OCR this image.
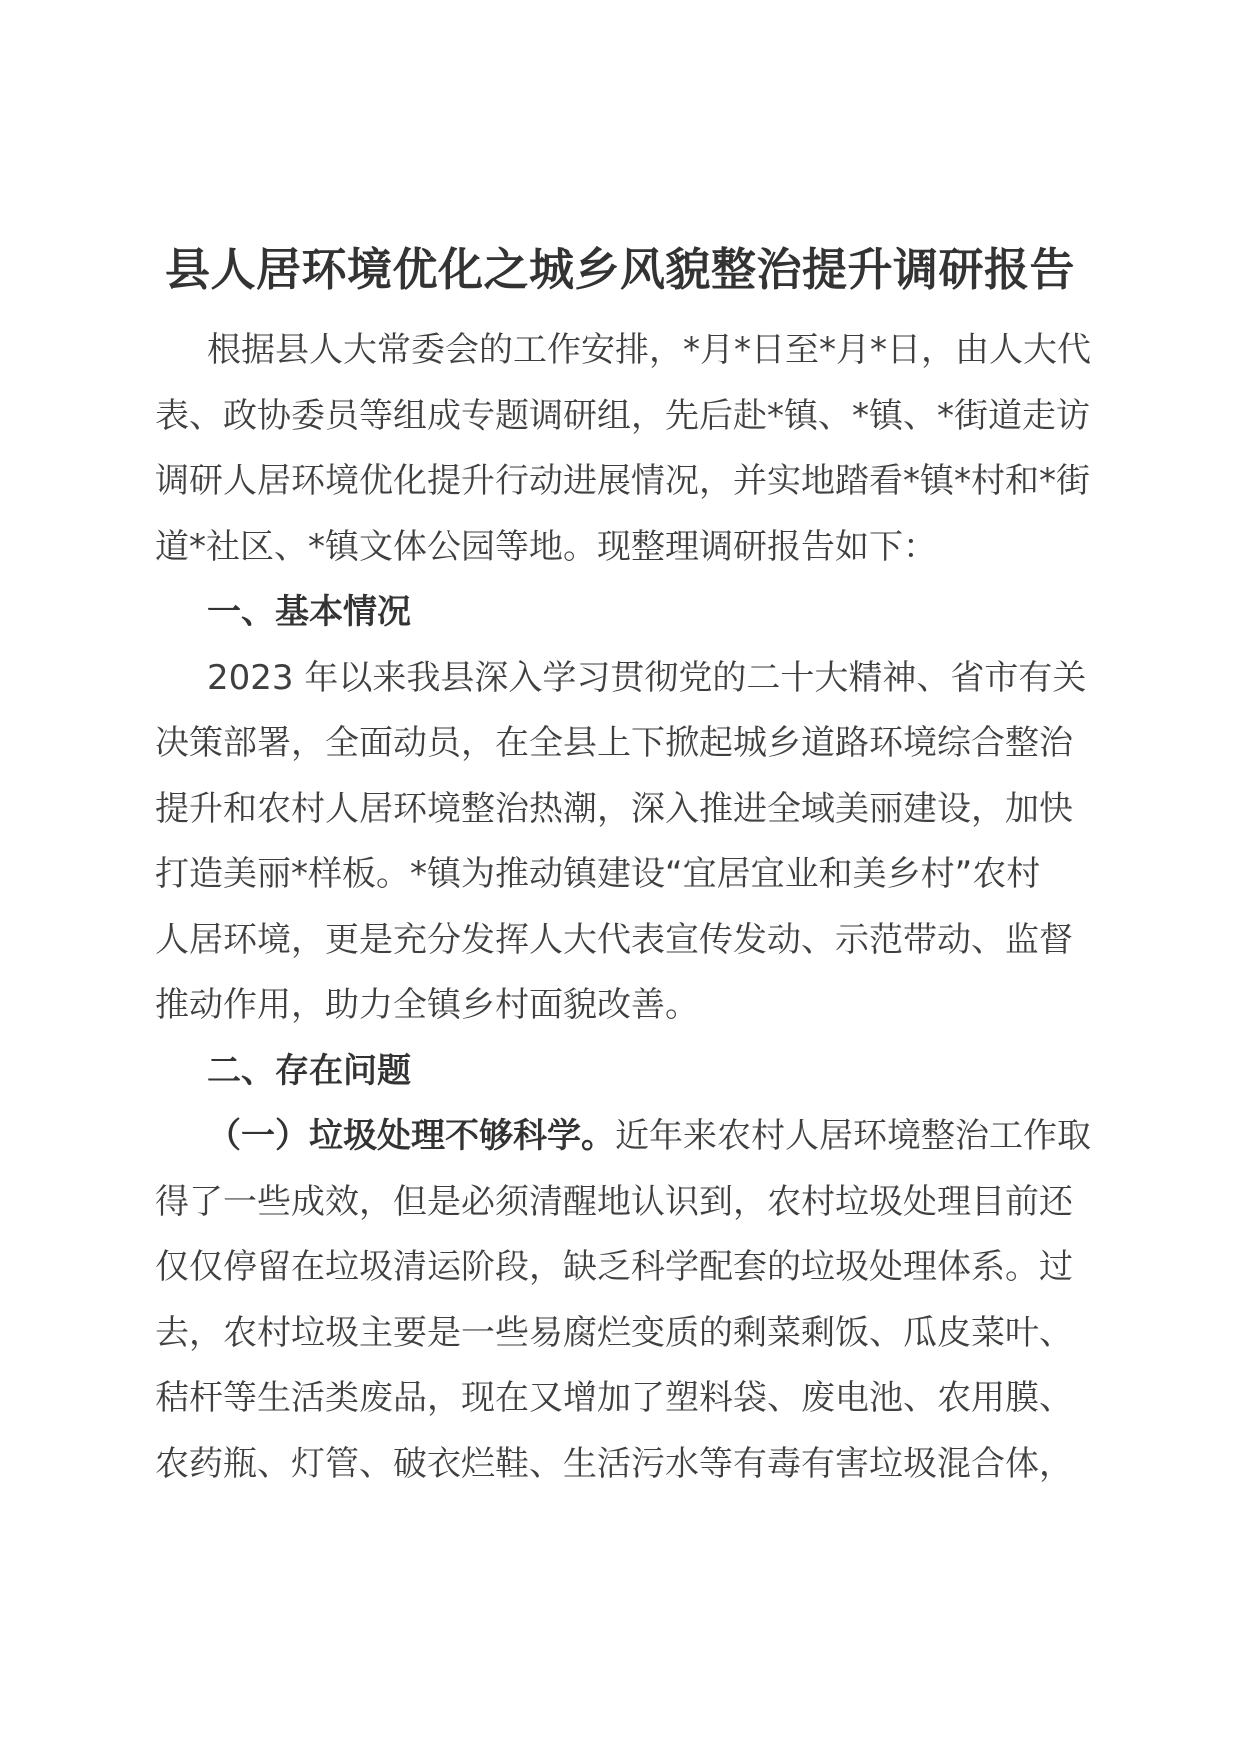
县人居环境优化之城乡风貌整治提升调研报告

根据县人大常委会的工作安排，*月*日至*月*日，由人大代
表、政协委员等组成专题调研组，先后赴*镇、*镇、*街道走访
调研人居环境优化提升行动进展情况，并实地踏看*镇*村和*街
道*社区、*镇文体公园等地。现整理调研报告如下：

一、基本情况

2023 年以来我县深入学习贯彻党的二十大精神、省市有关
决策部署，全面动员，在全县上下掀起城乡道路环境综合整治
提升和农村人居环境整治热潮，深入推进全域美丽建设，加快
打造美丽*样板。*镇为推动镇建设“宜居宜业和美乡村”农村
人居环境，更是充分发挥人大代表宣传发动、示范带动、监督
推动作用，助力全镇乡村面貌改善。

二、存在问题

（一）垃圾处理不够科学。近年来农村人居环境整治工作取
得了一些成效，但是必须清醒地认识到，农村垃圾处理目前还
仅仅停留在垃圾清运阶段，缺乏科学配套的垃圾处理体系。过
去，农村垃圾主要是一些易腐烂变质的剩菜剩饭、瓜皮菜叶、
秸杆等生活类废品，现在又增加了塑料袋、废电池、农用膜、
农药瓶、灯管、破衣烂鞋、生活污水等有毒有害垃圾混合体，
